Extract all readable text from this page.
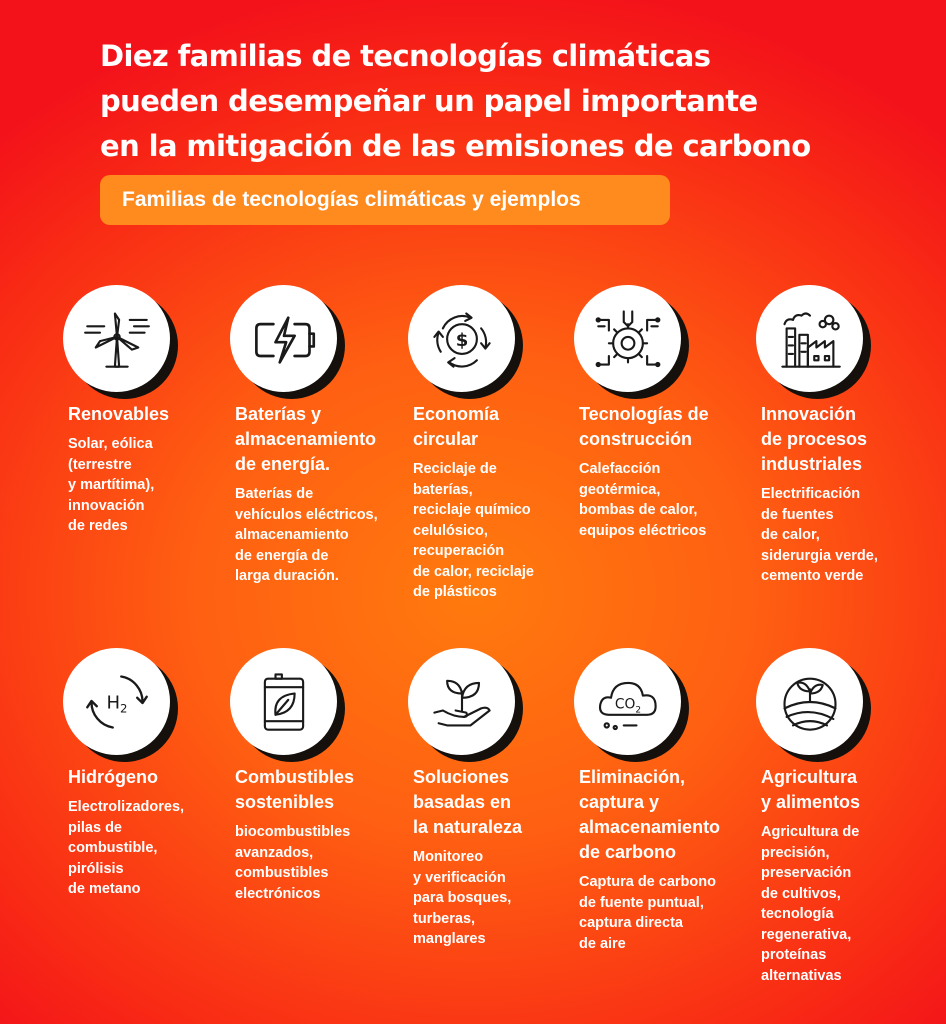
Diez familias de tecnologías climáticas
pueden desempeñar un papel importante
en la mitigación de las emisiones de carbono
Familias de tecnologías climáticas y ejemplos
Renovables
Solar, eólica
(terrestre
y martítima),
innovación
de redes
Baterías y
almacenamiento
de energía.
Baterías de
vehículos eléctricos,
almacenamiento
de energía de
larga duración.
Economía
circular
Reciclaje de
baterías,
reciclaje químico
celulósico,
recuperación
de calor, reciclaje
de plásticos
Tecnologías de
construcción
Calefacción
geotérmica,
bombas de calor,
equipos eléctricos
Innovación
de procesos
industriales
Electrificación
de fuentes
de calor,
siderurgia verde,
cemento verde
$H_2$
Hidrógeno
Electrolizadores,
pilas de
combustible,
pirólisis
de metano
Combustibles
sostenibles
biocombustibles
avanzados,
combustibles
electrónicos
Soluciones
basadas en
la naturaleza
Monitoreo
y verificación
para bosques,
turberas,
manglares
$CO_2$
Eliminación,
captura y
almacenamiento
de carbono
Captura de carbono
de fuente puntual,
captura directa
de aire
Agricultura
y alimentos
Agricultura de
precisión,
preservación
de cultivos,
tecnología
regenerativa,
proteínas
alternativas
